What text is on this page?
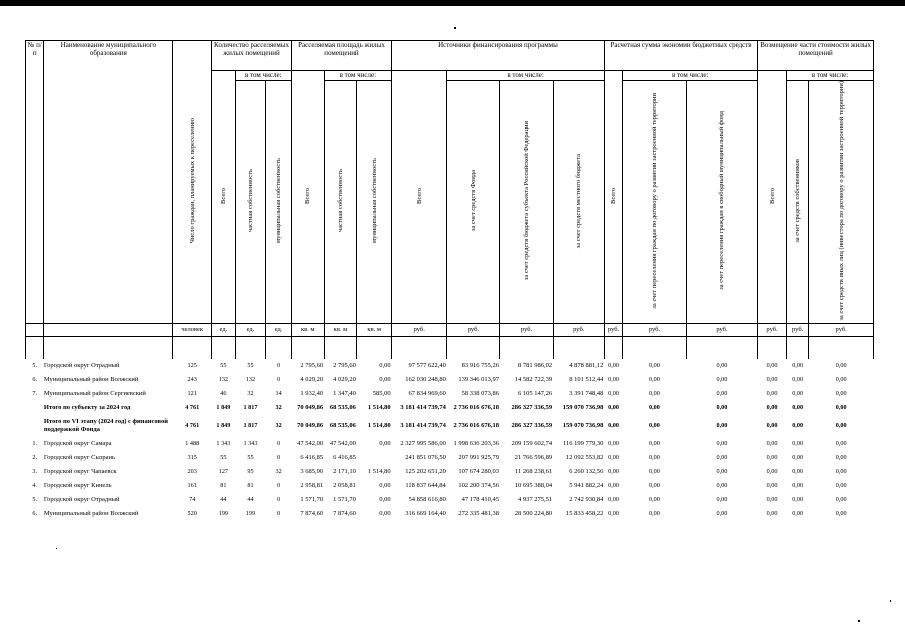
№ п/п	Наименование муниципального образования	Число граждан, планируемых к переселению	Количество расселяемых жилых помещений			Расселяемая площадь жилых помещений			Источники финансирования программы				Расчетная сумма экономии бюджетных средств			Возмещение части стоимости жилых помещений		
			Всего	в том числе:		Всего	в том числе:		Всего	в том числе:			Всего	в том числе:		Всего	в том числе:	
				частная собственность	муниципальная собственность		частная собственность	муниципальная собственность		за счет средств Фонда	за счет средств бюджета субъекта Российской Федерации	за счет средств местного бюджета		за счет переселения граждан по договору о развитии застроенной территории	за счет переселения граждан в свободный муниципальный фонд		за счет средств собственников	за счет средств иных лиц (инвестора по договору о развитии застроенной территории)
		человек	ед.	ед.	ед.	кв. м	кв. м	кв. м	руб.	руб.	руб.	руб.	руб.	руб.	руб.	руб.	руб.	руб.

5.	Городской округ Отрадный	125	55	55	0	2 795,60	2 795,60	0,00	97 577 622,40	83 916 755,26	8 781 986,02	4 878 881,12	0,00	0,00	0,00	0,00	0,00	0,00
6.	Муниципальный район Волжский	243	132	132	0	4 029,20	4 029,20	0,00	162 030 248,80	139 346 013,97	14 582 722,39	8 101 512,44	0,00	0,00	0,00	0,00	0,00	0,00
7.	Муниципальный район Сергиевский	121	46	32	14	1 932,40	1 347,40	585,00	67 834 969,60	58 338 073,86	6 105 147,26	3 391 748,48	0,00	0,00	0,00	0,00	0,00	0,00
	Итого по субъекту за 2024 год	4 761	1 849	1 817	32	70 049,86	68 535,06	1 514,80	3 181 414 739,74	2 736 016 676,18	286 327 336,59	159 070 736,98	0,00	0,00	0,00	0,00	0,00	0,00
	Итого по VI этапу (2024 год) с финансовой поддержкой Фонда	4 761	1 849	1 817	32	70 049,86	68 535,06	1 514,80	3 181 414 739,74	2 736 016 676,18	286 327 336,59	159 070 736,98	0,00	0,00	0,00	0,00	0,00	0,00
1.	Городской округ Самара	1 488	1 343	1 343	0	47 542,00	47 542,00	0,00	2 327 995 586,00	1 998 636 203,36	209 159 602,74	116 199 779,30	0,00	0,00	0,00	0,00	0,00	0,00
2.	Городской округ Сызрань	315	55	55	0	6 416,85	6 416,85		241 851 076,50	207 991 925,79	21 766 596,89	12 092 553,82	0,00	0,00	0,00	0,00	0,00	0,00
3.	Городской округ Чапаевск	203	127	95	32	3 685,90	2 171,10	1 514,80	125 202 651,20	107 674 280,03	11 268 238,61	6 260 132,56	0,00	0,00	0,00	0,00	0,00	0,00
4.	Городской округ Кинель	161	81	81	0	2 958,81	2 058,81	0,00	118 837 644,84	102 200 374,56	10 695 388,04	5 941 882,24	0,00	0,00	0,00	0,00	0,00	0,00
5.	Городской округ Отрадный	74	44	44	0	1 571,70	1 571,70	0,00	54 858 616,80	47 178 410,45	4 937 275,51	2 742 930,84	0,00	0,00	0,00	0,00	0,00	0,00
6.	Муниципальный район Волжский	520	199	199	0	7 874,60	7 874,60	0,00	316 669 164,40	272 335 481,38	28 500 224,80	15 833 458,22	0,00	0,00	0,00	0,00	0,00	0,00
